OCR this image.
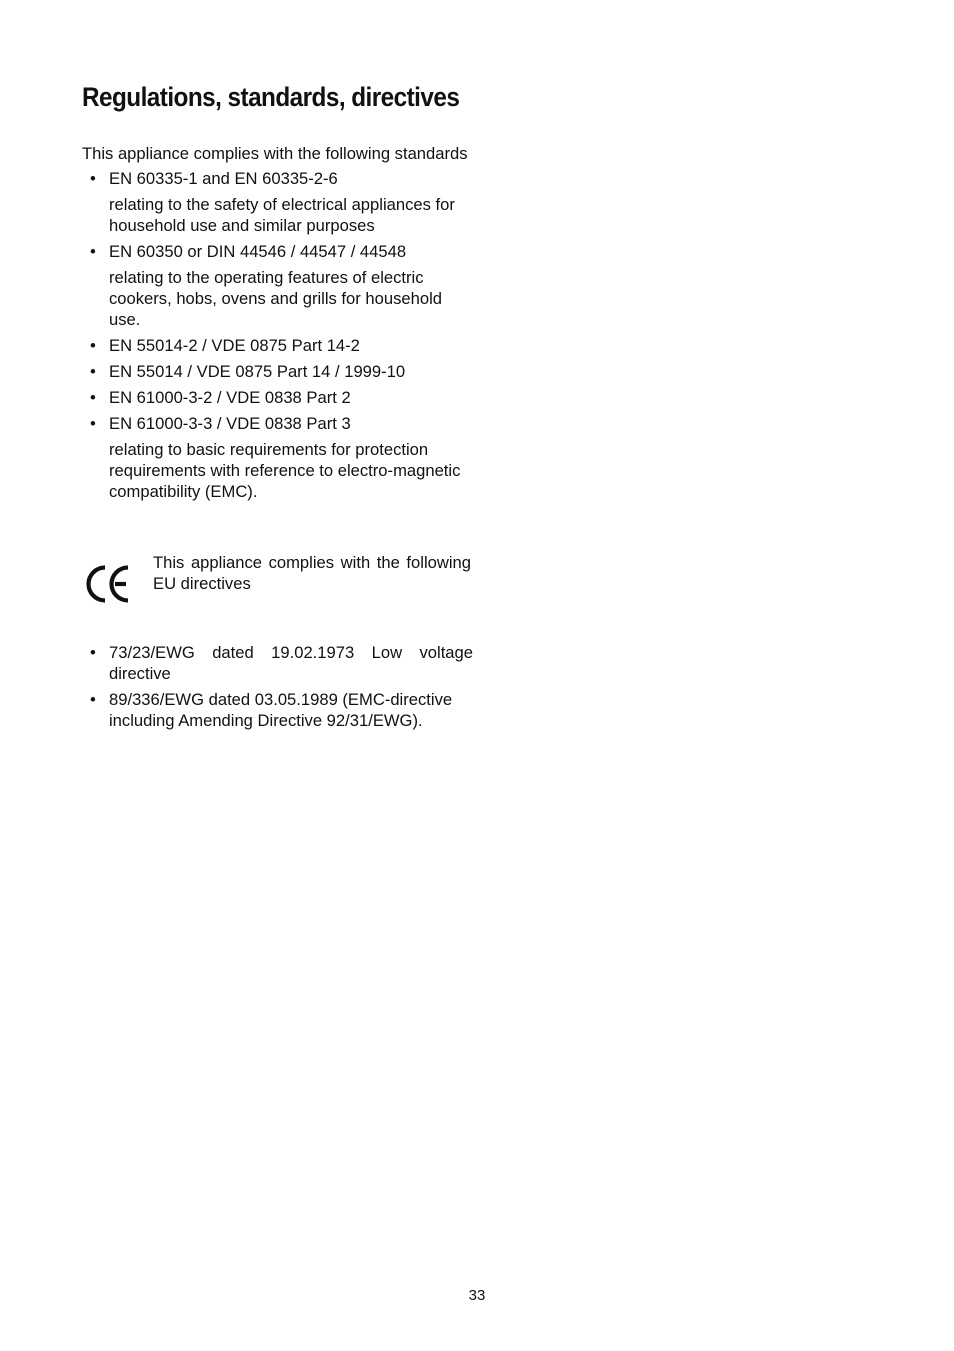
Regulations, standards, directives

This appliance complies with the following standards

• EN 60335-1 and EN 60335-2-6
relating to the safety of electrical appliances for household use and similar purposes
• EN 60350 or DIN 44546 / 44547 / 44548
relating to the operating features of electric cookers, hobs, ovens and grills for household use.
• EN 55014-2 / VDE 0875 Part 14-2
• EN 55014 / VDE 0875 Part 14 / 1999-10
• EN 61000-3-2 / VDE 0838 Part 2
• EN 61000-3-3 / VDE 0838 Part 3
relating to basic requirements for protection requirements with reference to electro-magnetic compatibility (EMC).

This appliance complies with the following EU directives

• 73/23/EWG dated 19.02.1973 Low voltage directive
• 89/336/EWG dated 03.05.1989 (EMC-directive including Amending Directive 92/31/EWG).
33
